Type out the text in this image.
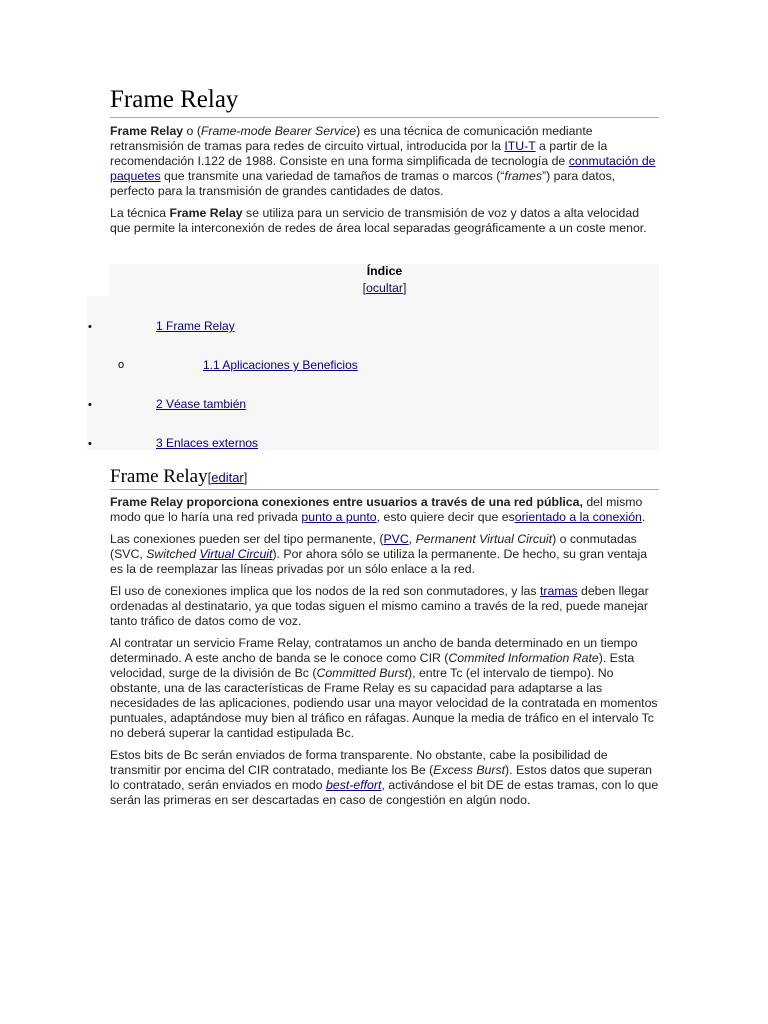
Frame Relay

Frame Relay o (Frame-mode Bearer Service) es una técnica de comunicación mediante retransmisión de tramas para redes de circuito virtual, introducida por la ITU-T a partir de la recomendación I.122 de 1988. Consiste en una forma simplificada de tecnología de conmutación de paquetes que transmite una variedad de tamaños de tramas o marcos (“frames”) para datos, perfecto para la transmisión de grandes cantidades de datos.

La técnica Frame Relay se utiliza para un servicio de transmisión de voz y datos a alta velocidad que permite la interconexión de redes de área local separadas geográficamente a un coste menor.

Índice
[ocultar]
•	1 Frame Relay
o	1.1 Aplicaciones y Beneficios
•	2 Véase también
•	3 Enlaces externos
Frame Relay[editar]

Frame Relay proporciona conexiones entre usuarios a través de una red pública, del mismo modo que lo haría una red privada punto a punto, esto quiere decir que esorientado a la conexión.

Las conexiones pueden ser del tipo permanente, (PVC, Permanent Virtual Circuit) o conmutadas (SVC, Switched Virtual Circuit). Por ahora sólo se utiliza la permanente. De hecho, su gran ventaja es la de reemplazar las líneas privadas por un sólo enlace a la red.

El uso de conexiones implica que los nodos de la red son conmutadores, y las tramas deben llegar ordenadas al destinatario, ya que todas siguen el mismo camino a través de la red, puede manejar tanto tráfico de datos como de voz.

Al contratar un servicio Frame Relay, contratamos un ancho de banda determinado en un tiempo determinado. A este ancho de banda se le conoce como CIR (Commited Information Rate). Esta velocidad, surge de la división de Bc (Committed Burst), entre Tc (el intervalo de tiempo). No obstante, una de las características de Frame Relay es su capacidad para adaptarse a las necesidades de las aplicaciones, podiendo usar una mayor velocidad de la contratada en momentos puntuales, adaptándose muy bien al tráfico en ráfagas. Aunque la media de tráfico en el intervalo Tc no deberá superar la cantidad estipulada Bc.

Estos bits de Bc serán enviados de forma transparente. No obstante, cabe la posibilidad de transmitir por encima del CIR contratado, mediante los Be (Excess Burst). Estos datos que superan lo contratado, serán enviados en modo best-effort, activándose el bit DE de estas tramas, con lo que serán las primeras en ser descartadas en caso de congestión en algún nodo.
